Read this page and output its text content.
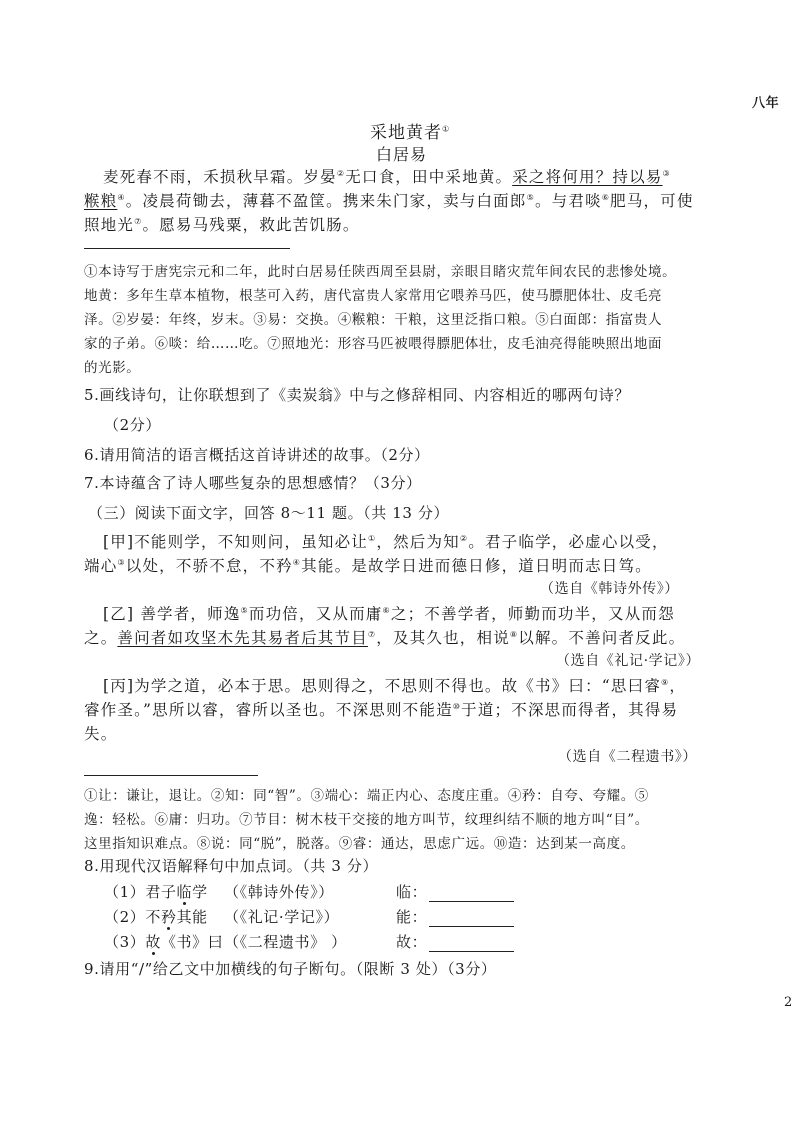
八年
2
采地黄者①
白居易
麦死春不雨，禾损秋早霜。岁晏②无口食，田中采地黄。采之将何用？持以易③
糇粮④。凌晨荷锄去，薄暮不盈筐。携来朱门家，卖与白面郎⑤。与君啖⑥肥马，可使
照地光⑦。愿易马残粟，救此苦饥肠。
①本诗写于唐宪宗元和二年，此时白居易任陕西周至县尉，亲眼目睹灾荒年间农民的悲惨处境。
地黄：多年生草本植物，根茎可入药，唐代富贵人家常用它喂养马匹，使马膘肥体壮、皮毛亮
泽。②岁晏：年终，岁末。③易：交换。④糇粮：干粮，这里泛指口粮。⑤白面郎：指富贵人
家的子弟。⑥啖：给……吃。⑦照地光：形容马匹被喂得膘肥体壮，皮毛油亮得能映照出地面
的光影。
5.画线诗句，让你联想到了《卖炭翁》中与之修辞相同、内容相近的哪两句诗？
（2分）
6.请用简洁的语言概括这首诗讲述的故事。（2分）
7.本诗蕴含了诗人哪些复杂的思想感情？（3分）
（三）阅读下面文字，回答 8～11 题。（共 13 分）
[甲]不能则学，不知则问，虽知必让①，然后为知②。君子临学，必虚心以受，
端心③以处，不骄不怠，不矜④其能。是故学日进而德日修，道日明而志日笃。
（选自《韩诗外传》）
[乙] 善学者，师逸⑤而功倍，又从而庸⑥之；不善学者，师勤而功半，又从而怨
之。善问者如攻坚木先其易者后其节目⑦，及其久也，相说⑧以解。不善问者反此。
（选自《礼记·学记》）
[丙]为学之道，必本于思。思则得之，不思则不得也。故《书》曰：“思曰睿⑨，
睿作圣。”思所以睿，睿所以圣也。不深思则不能造⑩于道；不深思而得者，其得易
失。
（选自《二程遗书》）
①让：谦让，退让。②知：同“智”。③端心：端正内心、态度庄重。④矜：自夸、夸耀。⑤
逸：轻松。⑥庸：归功。⑦节目：树木枝干交接的地方叫节，纹理纠结不顺的地方叫“目”。
这里指知识难点。⑧说：同“脱”，脱落。⑨睿：通达，思虑广远。⑩造：达到某一高度。
8.用现代汉语解释句中加点词。（共 3 分）
（1）君子临学 （《韩诗外传》）	临：
（2）不矜其能 （《礼记·学记》）	能：
（3）故《书》曰（《二程遗书》 ）	故：
9.请用“/”给乙文中加横线的句子断句。（限断 3 处）（3分）
